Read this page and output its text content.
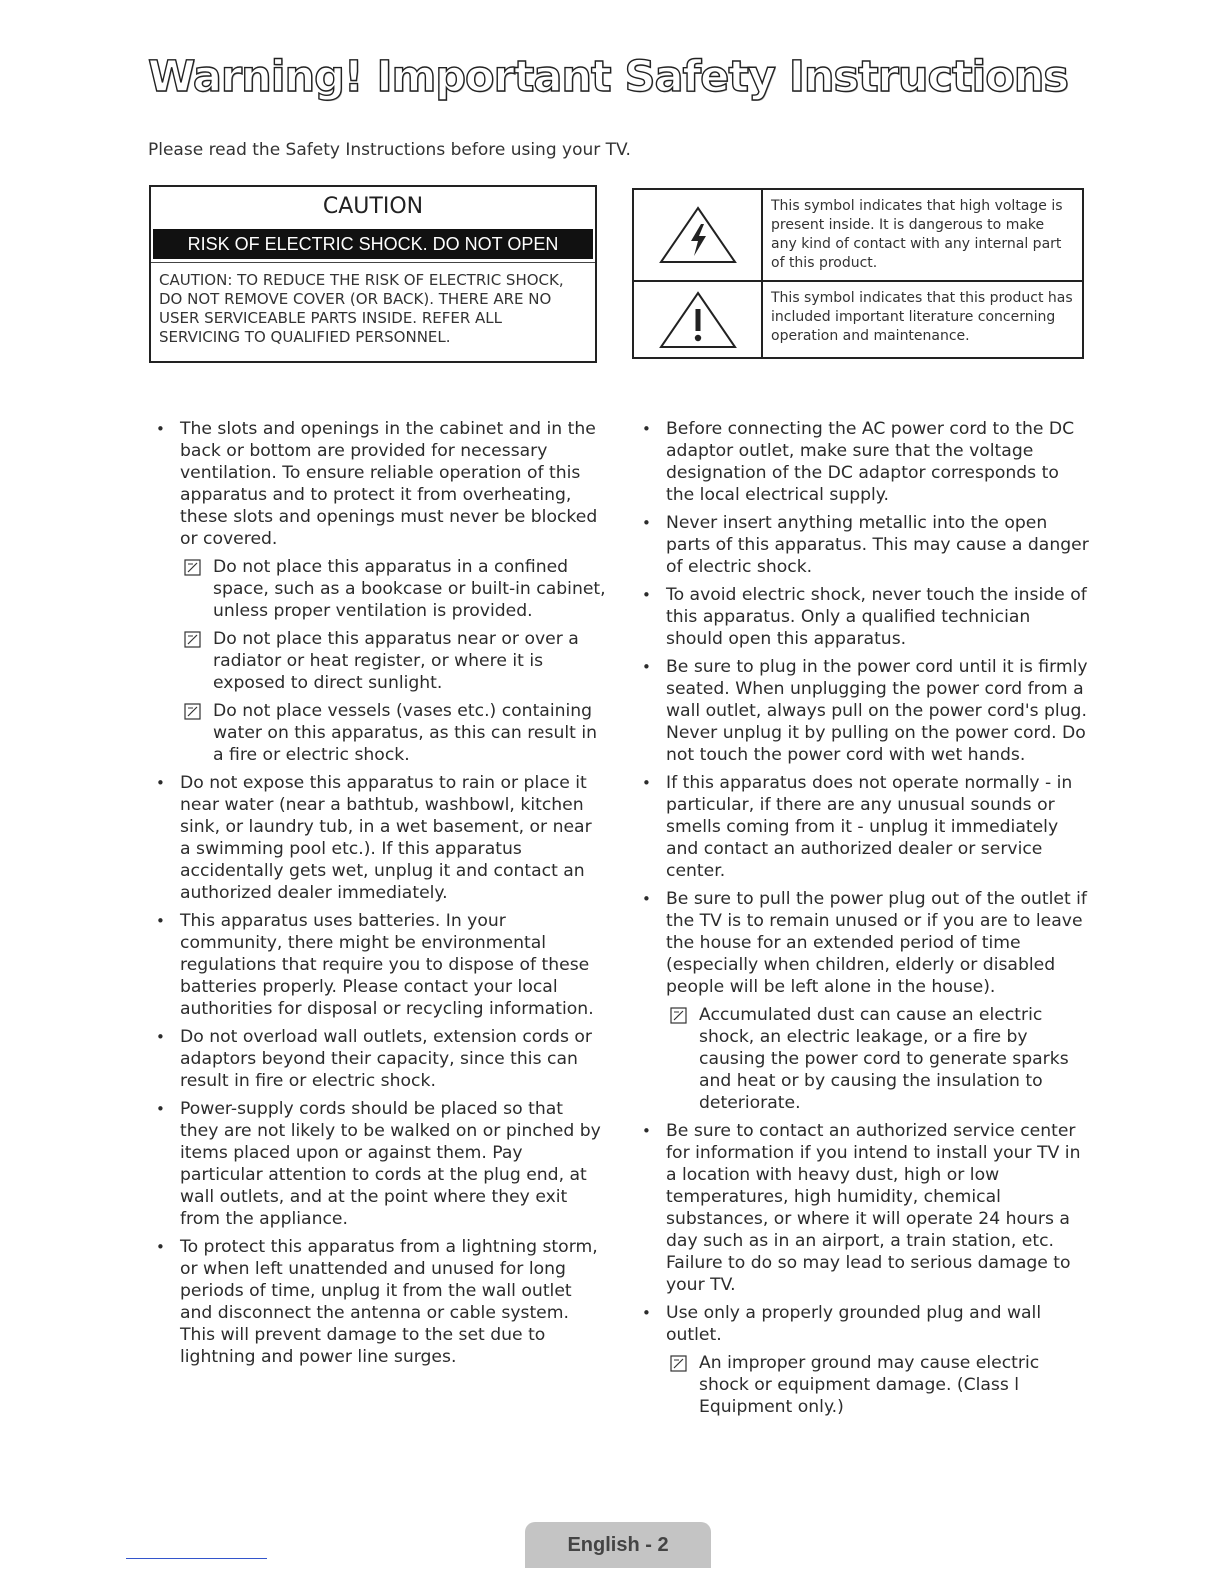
Warning! Important Safety Instructions
Please read the Safety Instructions before using your TV.
CAUTION
RISK OF ELECTRIC SHOCK. DO NOT OPEN
CAUTION: TO REDUCE THE RISK OF ELECTRIC SHOCK, DO NOT REMOVE COVER (OR BACK). THERE ARE NO USER SERVICEABLE PARTS INSIDE. REFER ALL SERVICING TO QUALIFIED PERSONNEL.
This symbol indicates that high voltage is present inside. It is dangerous to make any kind of contact with any internal part of this product.
This symbol indicates that this product has included important literature concerning operation and maintenance.
• The slots and openings in the cabinet and in the back or bottom are provided for necessary ventilation. To ensure reliable operation of this apparatus and to protect it from overheating, these slots and openings must never be blocked or covered.
Do not place this apparatus in a confined space, such as a bookcase or built-in cabinet, unless proper ventilation is provided.
Do not place this apparatus near or over a radiator or heat register, or where it is exposed to direct sunlight.
Do not place vessels (vases etc.) containing water on this apparatus, as this can result in a fire or electric shock.
• Do not expose this apparatus to rain or place it near water (near a bathtub, washbowl, kitchen sink, or laundry tub, in a wet basement, or near a swimming pool etc.). If this apparatus accidentally gets wet, unplug it and contact an authorized dealer immediately.
• This apparatus uses batteries. In your community, there might be environmental regulations that require you to dispose of these batteries properly. Please contact your local authorities for disposal or recycling information.
• Do not overload wall outlets, extension cords or adaptors beyond their capacity, since this can result in fire or electric shock.
• Power-supply cords should be placed so that they are not likely to be walked on or pinched by items placed upon or against them. Pay particular attention to cords at the plug end, at wall outlets, and at the point where they exit from the appliance.
• To protect this apparatus from a lightning storm, or when left unattended and unused for long periods of time, unplug it from the wall outlet and disconnect the antenna or cable system. This will prevent damage to the set due to lightning and power line surges.
• Before connecting the AC power cord to the DC adaptor outlet, make sure that the voltage designation of the DC adaptor corresponds to the local electrical supply.
• Never insert anything metallic into the open parts of this apparatus. This may cause a danger of electric shock.
• To avoid electric shock, never touch the inside of this apparatus. Only a qualified technician should open this apparatus.
• Be sure to plug in the power cord until it is firmly seated. When unplugging the power cord from a wall outlet, always pull on the power cord's plug. Never unplug it by pulling on the power cord. Do not touch the power cord with wet hands.
• If this apparatus does not operate normally - in particular, if there are any unusual sounds or smells coming from it - unplug it immediately and contact an authorized dealer or service center.
• Be sure to pull the power plug out of the outlet if the TV is to remain unused or if you are to leave the house for an extended period of time (especially when children, elderly or disabled people will be left alone in the house).
Accumulated dust can cause an electric shock, an electric leakage, or a fire by causing the power cord to generate sparks and heat or by causing the insulation to deteriorate.
• Be sure to contact an authorized service center for information if you intend to install your TV in a location with heavy dust, high or low temperatures, high humidity, chemical substances, or where it will operate 24 hours a day such as in an airport, a train station, etc. Failure to do so may lead to serious damage to your TV.
• Use only a properly grounded plug and wall outlet.
An improper ground may cause electric shock or equipment damage. (Class l Equipment only.)
English - 2
